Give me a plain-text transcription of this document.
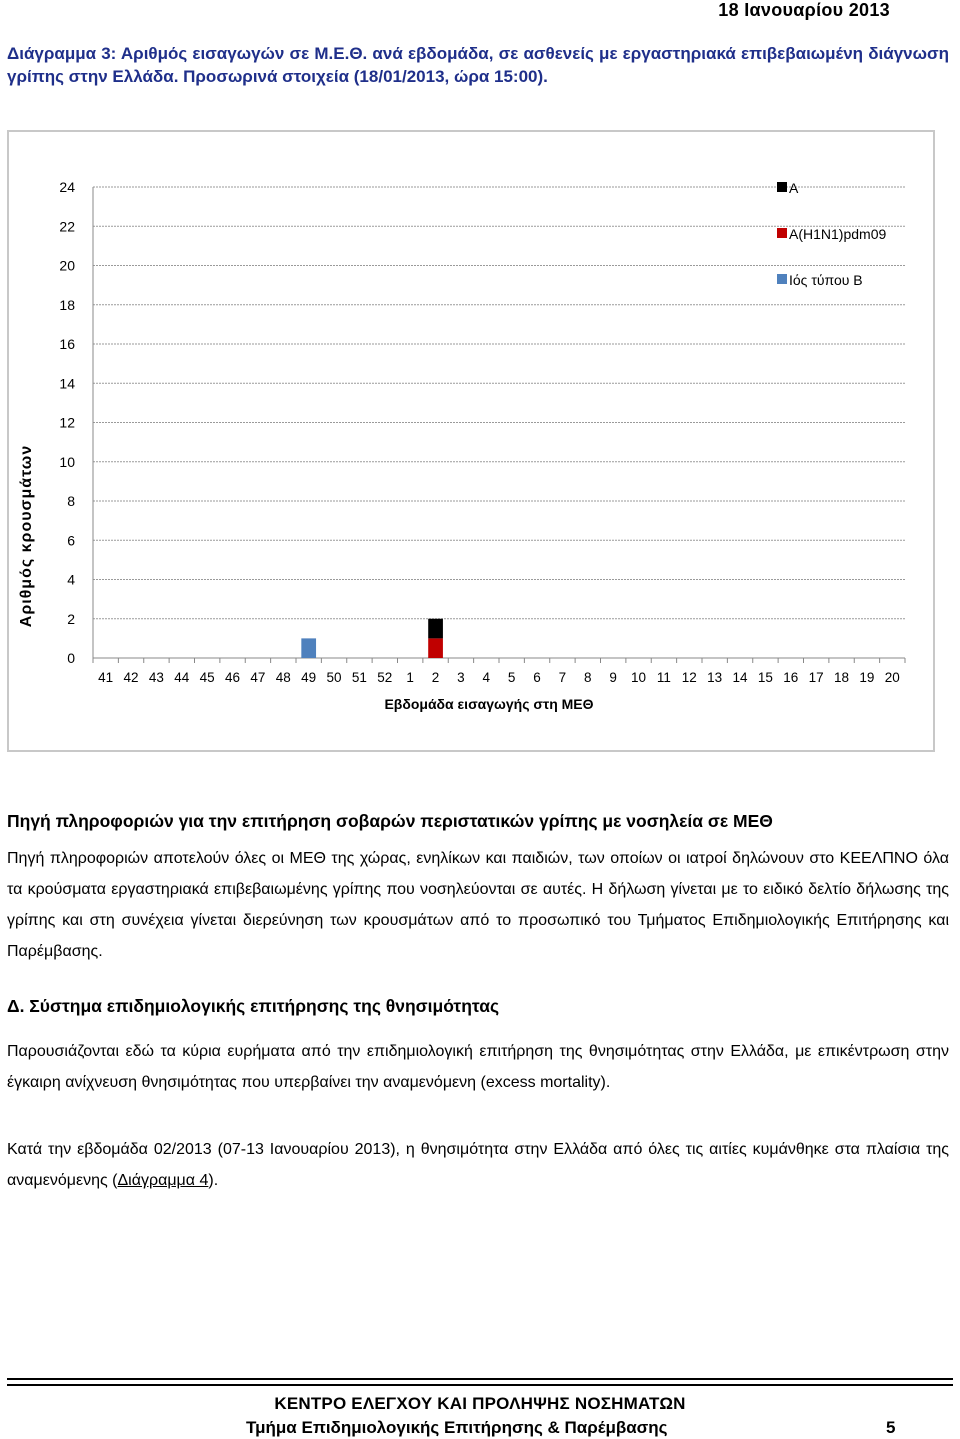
18 Ιανουαρίου 2013
Διάγραμμα 3: Αριθμός εισαγωγών σε Μ.Ε.Θ. ανά εβδομάδα, σε ασθενείς με εργαστηριακά επιβεβαιωμένη διάγνωση γρίπης στην Ελλάδα. Προσωρινά στοιχεία (18/01/2013, ώρα 15:00).
Αριθμός κρουσμάτων
0
2
4
6
8
10
12
14
16
18
20
22
24
41 42 43 44 45 46 47 48 49 50 51 52 1 2 3 4 5 6 7 8 9 10 11 12 13 14 15 16 17 18 19 20
Εβδομάδα εισαγωγής στη ΜΕΘ
A
A(H1N1)pdm09
Ιός τύπου Β
Πηγή πληροφοριών για την επιτήρηση σοβαρών περιστατικών γρίπης με νοσηλεία σε ΜΕΘ
Πηγή πληροφοριών αποτελούν όλες οι ΜΕΘ της χώρας, ενηλίκων και παιδιών, των οποίων οι ιατροί δηλώνουν στο ΚΕΕΛΠΝΟ όλα τα κρούσματα εργαστηριακά επιβεβαιωμένης γρίπης που νοσηλεύονται σε αυτές. Η δήλωση γίνεται με το ειδικό δελτίο δήλωσης της γρίπης και στη συνέχεια γίνεται διερεύνηση των κρουσμάτων από το προσωπικό του Τμήματος Επιδημιολογικής Επιτήρησης και Παρέμβασης.
Δ. Σύστημα επιδημιολογικής επιτήρησης της θνησιμότητας
Παρουσιάζονται εδώ τα κύρια ευρήματα από την επιδημιολογική επιτήρηση της θνησιμότητας στην Ελλάδα, με επικέντρωση στην έγκαιρη ανίχνευση θνησιμότητας που υπερβαίνει την αναμενόμενη (excess mortality).
Κατά την εβδομάδα 02/2013 (07-13 Ιανουαρίου 2013), η θνησιμότητα στην Ελλάδα από όλες τις αιτίες κυμάνθηκε στα πλαίσια της αναμενόμενης (Διάγραμμα 4).
ΚΕΝΤΡΟ ΕΛΕΓΧΟΥ ΚΑΙ ΠΡΟΛΗΨΗΣ ΝΟΣΗΜΑΤΩΝ
Τμήμα Επιδημιολογικής Επιτήρησης & Παρέμβασης	5
